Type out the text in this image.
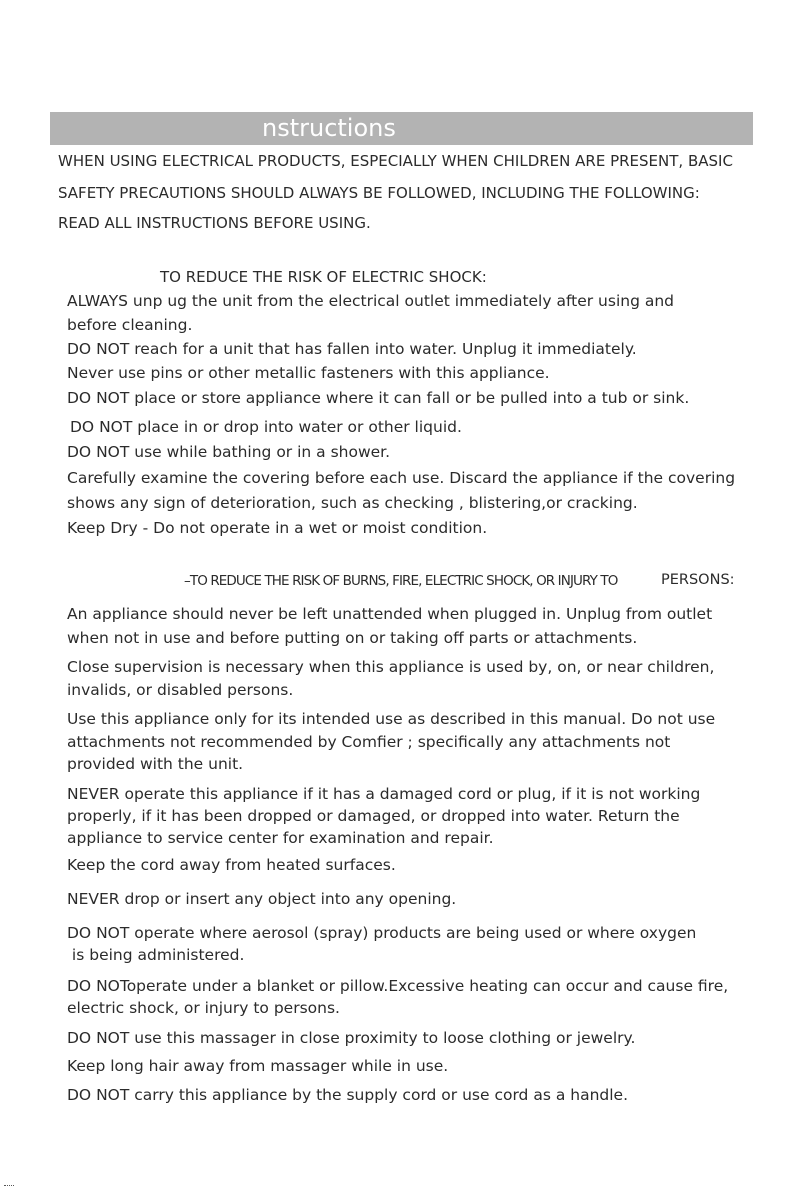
nstructions
WHEN USING ELECTRICAL PRODUCTS, ESPECIALLY WHEN CHILDREN ARE PRESENT, BASIC
SAFETY PRECAUTIONS SHOULD ALWAYS BE FOLLOWED, INCLUDING THE FOLLOWING:
READ ALL INSTRUCTIONS BEFORE USING.
TO REDUCE THE RISK OF ELECTRIC SHOCK:
ALWAYS unp ug the unit from the electrical outlet immediately after using and
before cleaning.
DO NOT reach for a unit that has fallen into water. Unplug it immediately.
Never use pins or other metallic fasteners with this appliance.
DO NOT place or store appliance where it can fall or be pulled into a tub or sink.
DO NOT place in or drop into water or other liquid.
DO NOT use while bathing or in a shower.
Carefully examine the covering before each use. Discard the appliance if the covering
shows any sign of deterioration, such as checking , blistering,or cracking.
Keep Dry - Do not operate in a wet or moist condition.
–TO REDUCE THE RISK OF BURNS, FIRE, ELECTRIC SHOCK, OR INJURY TO	PERSONS:
An appliance should never be left unattended when plugged in. Unplug from outlet
when not in use and before putting on or taking off parts or attachments.
Close supervision is necessary when this appliance is used by, on, or near children,
invalids, or disabled persons.
Use this appliance only for its intended use as described in this manual. Do not use
attachments not recommended by Comfier ; specifically any attachments not
provided with the unit.
NEVER operate this appliance if it has a damaged cord or plug, if it is not working
properly, if it has been dropped or damaged, or dropped into water. Return the
appliance to service center for examination and repair.
Keep the cord away from heated surfaces.
NEVER drop or insert any object into any opening.
DO NOT operate where aerosol (spray) products are being used or where oxygen
is being administered.
DO NOToperate under a blanket or pillow.Excessive heating can occur and cause fire,
electric shock, or injury to persons.
DO NOT use this massager in close proximity to loose clothing or jewelry.
Keep long hair away from massager while in use.
DO NOT carry this appliance by the supply cord or use cord as a handle.
